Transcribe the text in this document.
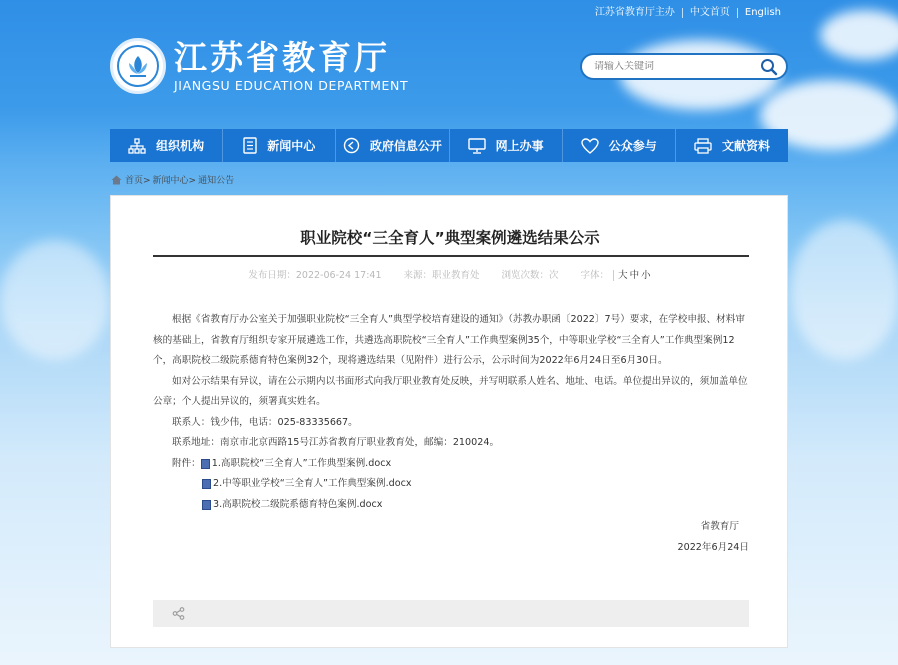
江苏省教育厅主办	中文首页	English
江苏省教育厅
JIANGSU EDUCATION DEPARTMENT
请输入关键词
组织机构	新闻中心	政府信息公开	网上办事	公众参与	文献资料
首页> 新闻中心> 通知公告
职业院校“三全育人”典型案例遴选结果公示
发布日期：2022-06-24 17:41 来源：职业教育处 浏览次数：次 字体： 大 中 小
根据《省教育厅办公室关于加强职业院校“三全育人”典型学校培育建设的通知》（苏教办职函〔2022〕7号）要求，在学校申报、材料审核的基础上，省教育厅组织专家开展遴选工作，共遴选高职院校“三全育人”工作典型案例35个，中等职业学校“三全育人”工作典型案例12个，高职院校二级院系德育特色案例32个，现将遴选结果（见附件）进行公示，公示时间为2022年6月24日至6月30日。
如对公示结果有异议，请在公示期内以书面形式向我厅职业教育处反映，并写明联系人姓名、地址、电话。单位提出异议的，须加盖单位公章；个人提出异议的，须署真实姓名。
联系人：钱少伟，电话：025-83335667。
联系地址：南京市北京西路15号江苏省教育厅职业教育处，邮编：210024。
附件： 1.高职院校“三全育人”工作典型案例.docx
2.中等职业学校“三全育人”工作典型案例.docx
3.高职院校二级院系德育特色案例.docx
省教育厅
2022年6月24日
